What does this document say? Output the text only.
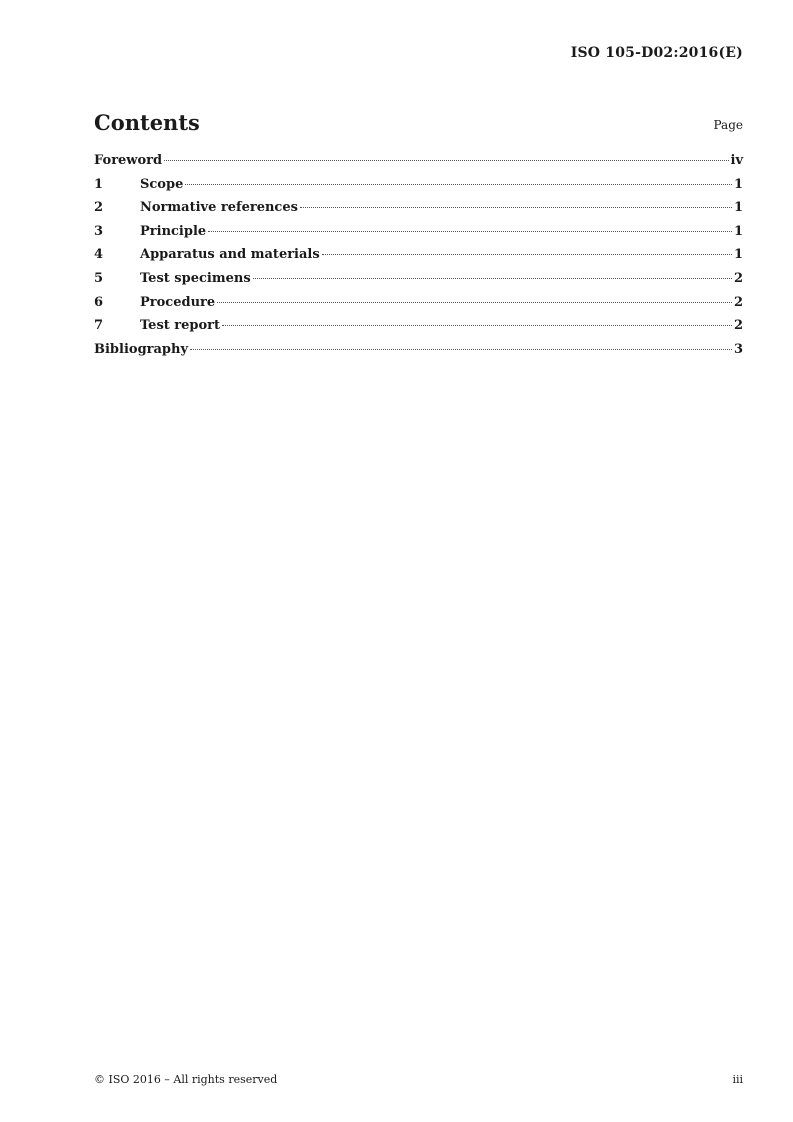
ISO 105-D02:2016(E)
Contents	Page
Foreword	iv
1	Scope	1
2	Normative references	1
3	Principle	1
4	Apparatus and materials	1
5	Test specimens	2
6	Procedure	2
7	Test report	2
Bibliography	3
© ISO 2016 – All rights reserved	iii
